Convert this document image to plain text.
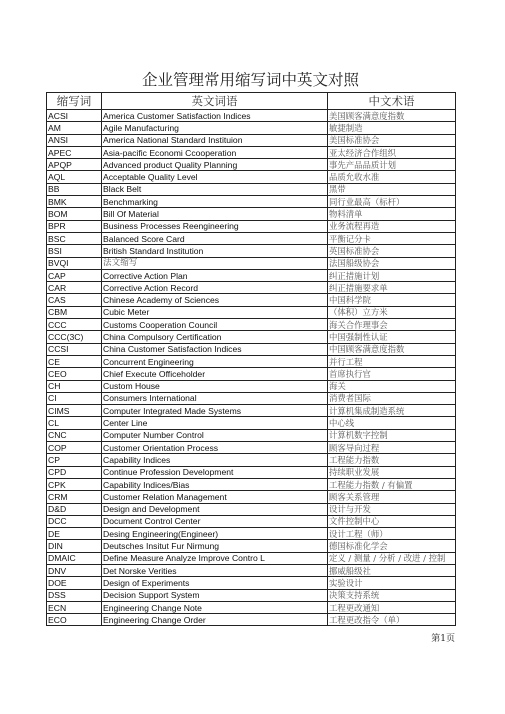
企业管理常用缩写词中英文对照
缩写词	英文词语	中文术语
ACSI	America Customer Satisfaction Indices	美国顾客满意度指数
AM	Agile Manufacturing	敏捷制造
ANSI	America National Standard Instituion	美国标准协会
APEC	Asia-pacific Economi Ccooperation	亚太经济合作组织
APQP	Advanced product Quality Planning	事先产品品质计划
AQL	Acceptable Quality Level	品质允收水准
BB	Black Belt	黑带
BMK	Benchmarking	同行业最高（标杆）
BOM	Bill Of Material	物料清单
BPR	Business Processes Reengineering	业务流程再造
BSC	Balanced Score Card	平衡记分卡
BSI	British Standard Institution	英国标准协会
BVQI	法文缩写	法国船级协会
CAP	Corrective Action Plan	纠正措施计划
CAR	Corrective Action Record	纠正措施要求单
CAS	Chinese Academy of Sciences	中国科学院
CBM	Cubic Meter	（体积）立方米
CCC	Customs Cooperation Council	海关合作理事会
CCC(3C)	China Compulsory Certification	中国强制性认证
CCSI	China Customer Satisfaction Indices	中国顾客满意度指数
CE	Concurrent Engineering	并行工程
CEO	Chief Execute Officeholder	首席执行官
CH	Custom House	海关
CI	Consumers International	消费者国际
CIMS	Computer Integrated Made Systems	计算机集成制造系统
CL	Center Line	中心线
CNC	Computer Number Control	计算机数字控制
COP	Customer Orientation Process	顾客导向过程
CP	Capability Indices	工程能力指数
CPD	Continue Profession Development	持续职业发展
CPK	Capability Indices/Bias	工程能力指数 / 有偏置
CRM	Customer Relation Management	顾客关系管理
D&D	Design and Development	设计与开发
DCC	Document Control Center	文件控制中心
DE	Desing Engineering(Engineer)	设计工程（师）
DIN	Deutsches Insitut Fur Nirmung	德国标准化学会
DMAIC	Define Measure Analyze Improve Contro L	定义 / 测量 / 分析 / 改进 / 控制
DNV	Det Norske Verities	挪威船级社
DOE	Design of Experiments	实验设计
DSS	Decision Support System	决策支持系统
ECN	Engineering Change Note	工程更改通知
ECO	Engineering Change Order	工程更改指令（单）
第1页
